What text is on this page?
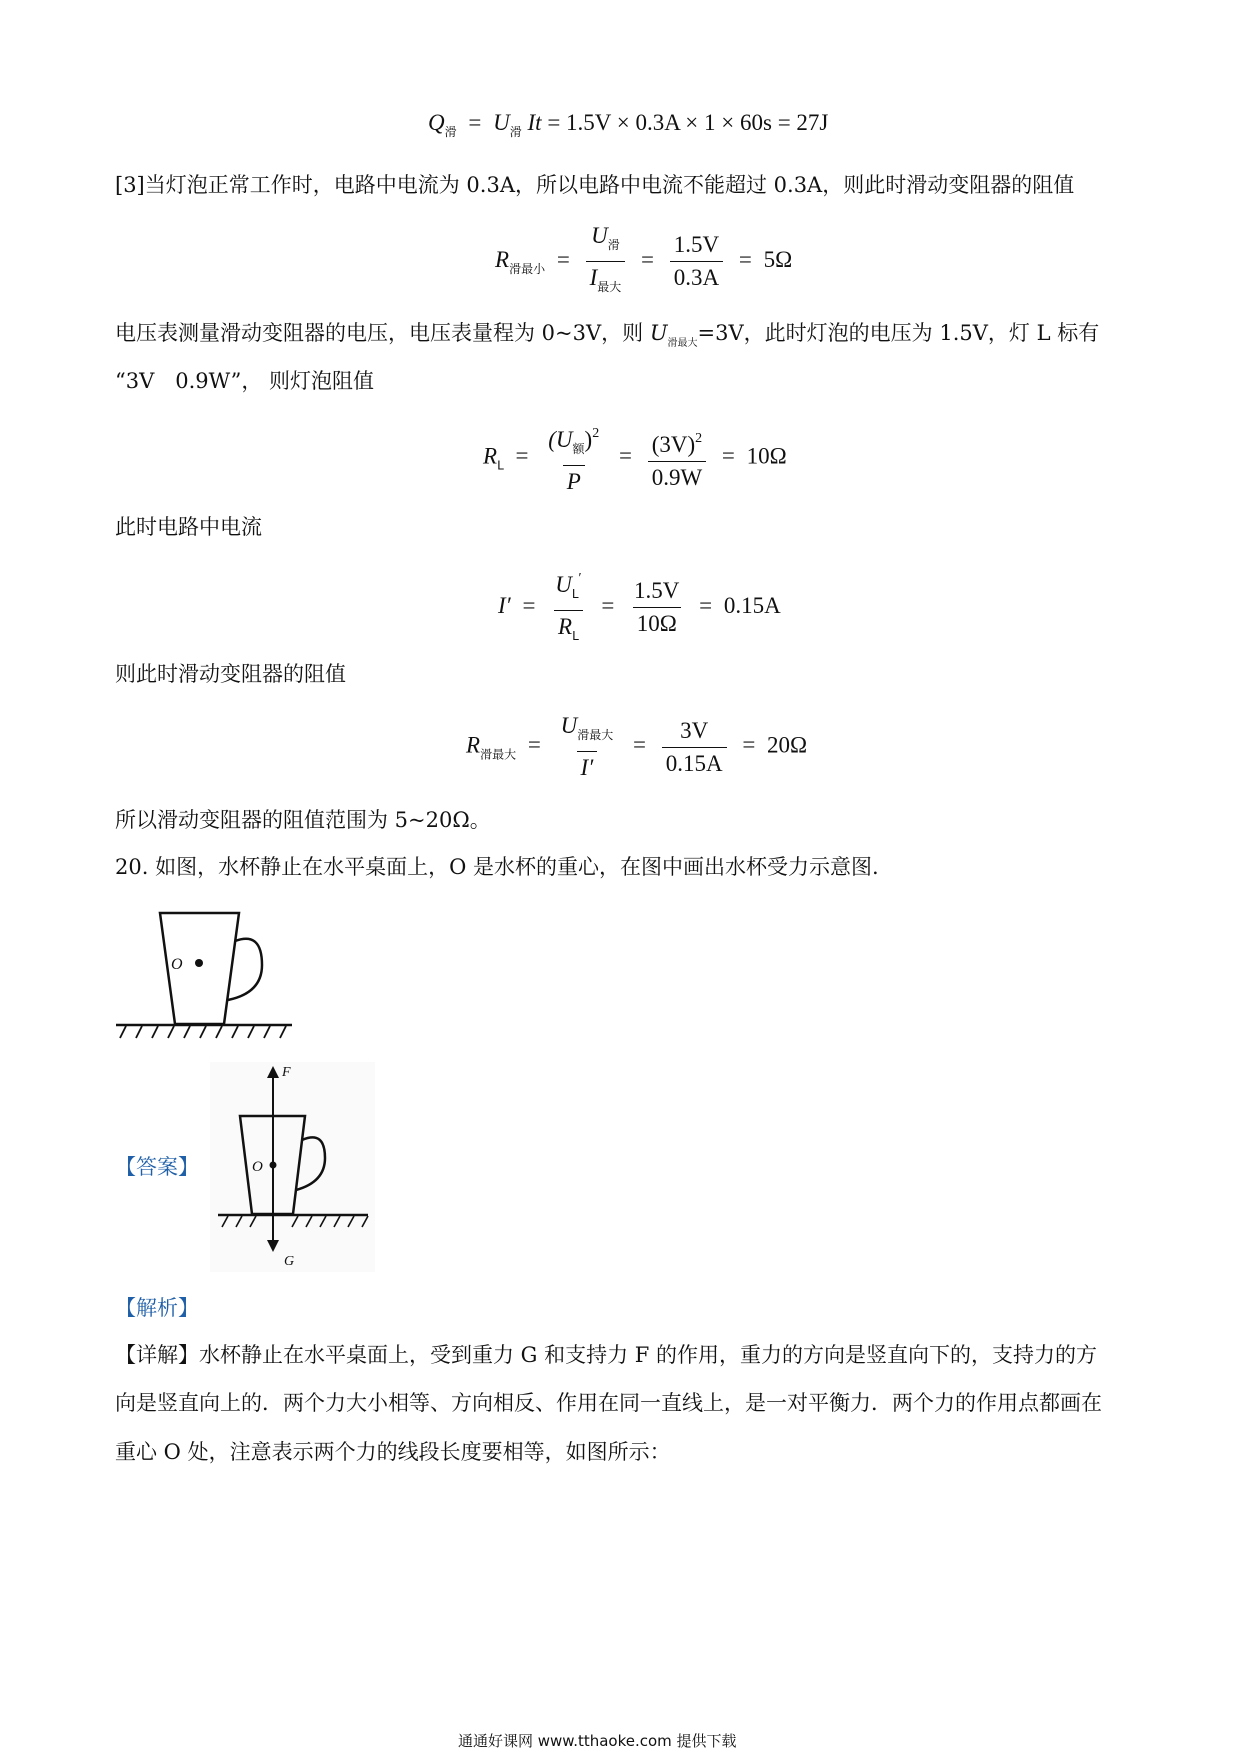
$Q_滑 = U_滑$ It = 1.5V × 0.3A × 1 × 60s = 27J
[3]当灯泡正常工作时，电路中电流为 0.3A，所以电路中电流不能超过 0.3A，则此时滑动变阻器的阻值
$R_{滑最小} = \frac{U_滑}{I_{最大}} = \frac{1.5V}{0.3A} = 5\Omega$
电压表测量滑动变阻器的电压，电压表量程为 0~3V，则 $U_{滑最大}=3V$，此时灯泡的电压为 1.5V，灯 L 标有
“3V　0.9W”， 则灯泡阻值
$R_L = \frac{(U_额)^2}{P} = \frac{(3V)^2}{0.9W} = 10\Omega$
此时电路中电流
$I' = \frac{U_L'}{R_L} = \frac{1.5V}{10\Omega} = 0.15A$
则此时滑动变阻器的阻值
$R_{滑最大} = \frac{U_{滑最大}}{I'} = \frac{3V}{0.15A} = 20\Omega$
所以滑动变阻器的阻值范围为 5~20Ω。
20. 如图，水杯静止在水平桌面上，O 是水杯的重心，在图中画出水杯受力示意图.
O
【答案】	O
F
G
【解析】
【详解】水杯静止在水平桌面上，受到重力 G 和支持力 F 的作用，重力的方向是竖直向下的，支持力的方
向是竖直向上的．两个力大小相等、方向相反、作用在同一直线上，是一对平衡力．两个力的作用点都画在
重心 O 处，注意表示两个力的线段长度要相等，如图所示：
通通好课网 www.tthaoke.com 提供下载
